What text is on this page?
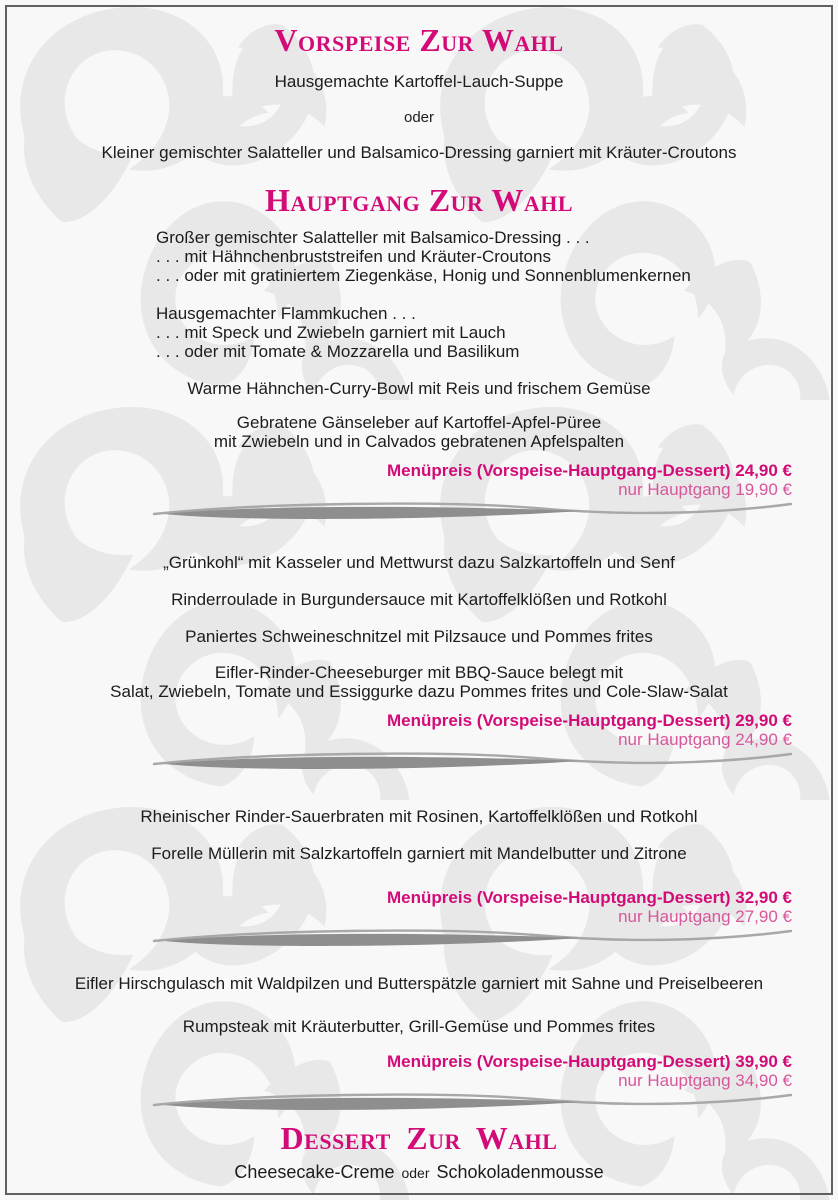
Vorspeise Zur Wahl

Hausgemachte Kartoffel-Lauch-Suppe

oder

Kleiner gemischter Salatteller und Balsamico-Dressing garniert mit Kräuter-Croutons

Hauptgang Zur Wahl

Großer gemischter Salatteller mit Balsamico-Dressing . . .

. . . mit Hähnchenbruststreifen und Kräuter-Croutons

. . . oder mit gratiniertem Ziegenkäse, Honig und Sonnenblumenkernen

Hausgemachter Flammkuchen . . .

. . . mit Speck und Zwiebeln garniert mit Lauch

. . . oder mit Tomate & Mozzarella und Basilikum

Warme Hähnchen-Curry-Bowl mit Reis und frischem Gemüse

Gebratene Gänseleber auf Kartoffel-Apfel-Püree

mit Zwiebeln und in Calvados gebratenen Apfelspalten

Menüpreis (Vorspeise-Hauptgang-Dessert) 24,90 €

nur Hauptgang 19,90 €

„Grünkohl“ mit Kasseler und Mettwurst dazu Salzkartoffeln und Senf

Rinderroulade in Burgundersauce mit Kartoffelklößen und Rotkohl

Paniertes Schweineschnitzel mit Pilzsauce und Pommes frites

Eifler-Rinder-Cheeseburger mit BBQ-Sauce belegt mit

Salat, Zwiebeln, Tomate und Essiggurke dazu Pommes frites und Cole-Slaw-Salat

Menüpreis (Vorspeise-Hauptgang-Dessert) 29,90 €

nur Hauptgang 24,90 €

Rheinischer Rinder-Sauerbraten mit Rosinen, Kartoffelklößen und Rotkohl

Forelle Müllerin mit Salzkartoffeln garniert mit Mandelbutter und Zitrone

Menüpreis (Vorspeise-Hauptgang-Dessert) 32,90 €

nur Hauptgang 27,90 €

Eifler Hirschgulasch mit Waldpilzen und Butterspätzle garniert mit Sahne und Preiselbeeren

Rumpsteak mit Kräuterbutter, Grill-Gemüse und Pommes frites

Menüpreis (Vorspeise-Hauptgang-Dessert) 39,90 €

nur Hauptgang 34,90 €

Dessert Zur Wahl

Cheesecake-Creme oder Schokoladenmousse
